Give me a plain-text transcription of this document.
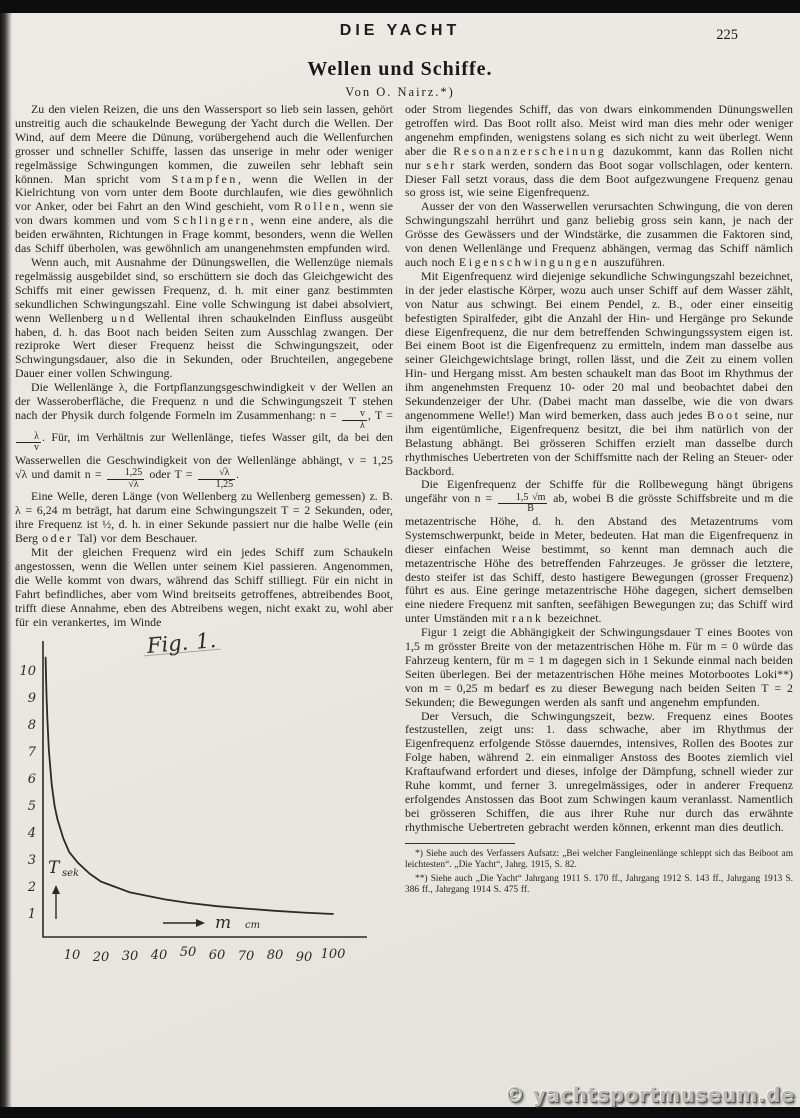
DIE YACHT	225
Wellen und Schiffe.
Von O. Nairz.*)

Zu den vielen Reizen, die uns den Wassersport so lieb sein lassen, gehört unstreitig auch die schaukelnde Bewegung der Yacht durch die Wellen. Der Wind, auf dem Meere die Dünung, vorübergehend auch die Wellenfurchen grosser und schneller Schiffe, lassen das unserige in mehr oder weniger regelmässige Schwingungen kommen, die zuweilen sehr lebhaft sein können. Man spricht vom Stampfen, wenn die Wellen in der Kielrichtung von vorn unter dem Boote durchlaufen, wie dies gewöhnlich vor Anker, oder bei Fahrt an den Wind geschieht, vom Rollen, wenn sie von dwars kommen und vom Schlingern, wenn eine andere, als die beiden erwähnten, Richtungen in Frage kommt, besonders, wenn die Wellen das Schiff überholen, was gewöhnlich am unangenehmsten empfunden wird.

Wenn auch, mit Ausnahme der Dünungswellen, die Wellenzüge niemals regelmässig ausgebildet sind, so erschüttern sie doch das Gleichgewicht des Schiffs mit einer gewissen Frequenz, d. h. mit einer ganz bestimmten sekundlichen Schwingungszahl. Eine volle Schwingung ist dabei absolviert, wenn Wellenberg und Wellental ihren schaukelnden Einfluss ausgeübt haben, d. h. das Boot nach beiden Seiten zum Ausschlag zwangen. Der reziproke Wert dieser Frequenz heisst die Schwingungszeit, oder Schwingungsdauer, also die in Sekunden, oder Bruchteilen, angegebene Dauer einer vollen Schwingung.

Die Wellenlänge λ, die Fortpflanzungsgeschwindigkeit v der Wellen an der Wasseroberfläche, die Frequenz n und die Schwingungszeit T stehen nach der Physik durch folgende Formeln im Zusammenhang: $n = \frac{v}{\lambda}$ , T =
$\frac{\lambda}{v}$ . Für, im Verhältnis zur Wellenlänge, tiefes Wasser gilt, da bei den Wasserwellen die Geschwindigkeit von der Wellenlänge abhängt, v = 1,25 √λ und damit $n = \frac{1,25}{√\lambda}$ oder $T = \frac{√\lambda}{1,25}$ .

Eine Welle, deren Länge (von Wellenberg zu Wellenberg gemessen) z. B. λ = 6,24 m beträgt, hat darum eine Schwingungszeit T = 2 Sekunden, oder, ihre Frequenz ist ½, d. h. in einer Sekunde passiert nur die halbe Welle (ein Berg oder Tal) vor dem Beschauer.

Mit der gleichen Frequenz wird ein jedes Schiff zum Schaukeln angestossen, wenn die Wellen unter seinem Kiel passieren. Angenommen, die Welle kommt von dwars, während das Schiff stilliegt. Für ein nicht in Fahrt befindliches, aber vom Wind breitseits getroffenes, abtreibendes Boot, trifft diese Annahme, eben des Abtreibens wegen, nicht exakt zu, wohl aber für ein verankertes, im Winde

Fig. 1.
10 20 30 40 50 60 70 80 90 100
1
2
3
4
5
6
7
8
9
10
T sek
m cm

oder Strom liegendes Schiff, das von dwars einkommenden Dünungswellen getroffen wird. Das Boot rollt also. Meist wird man dies mehr oder weniger angenehm empfinden, wenigstens solang es sich nicht zu weit überlegt. Wenn aber die Resonanzerscheinung dazukommt, kann das Rollen nicht nur sehr stark werden, sondern das Boot sogar vollschlagen, oder kentern. Dieser Fall setzt voraus, dass die dem Boot aufgezwungene Frequenz genau so gross ist, wie seine Eigenfrequenz.

Ausser der von den Wasserwellen verursachten Schwingung, die von deren Schwingungszahl herrührt und ganz beliebig gross sein kann, je nach der Grösse des Gewässers und der Windstärke, die zusammen die Faktoren sind, von denen Wellenlänge und Frequenz abhängen, vermag das Schiff nämlich auch noch Eigenschwingungen auszuführen.

Mit Eigenfrequenz wird diejenige sekundliche Schwingungszahl bezeichnet, in der jeder elastische Körper, wozu auch unser Schiff auf dem Wasser zählt, von Natur aus schwingt. Bei einem Pendel, z. B., oder einer einseitig befestigten Spiralfeder, gibt die Anzahl der Hin- und Hergänge pro Sekunde diese Eigenfrequenz, die nur dem betreffenden Schwingungssystem eigen ist. Bei einem Boot ist die Eigenfrequenz zu ermitteln, indem man dasselbe aus seiner Gleichgewichtslage bringt, rollen lässt, und die Zeit zu einem vollen Hin- und Hergang misst. Am besten schaukelt man das Boot im Rhythmus der ihm angenehmsten Frequenz 10- oder 20 mal und beobachtet dabei den Sekundenzeiger der Uhr. (Dabei macht man dasselbe, wie die von dwars angenommene Welle!) Man wird bemerken, dass auch jedes Boot seine, nur ihm eigentümliche, Eigenfrequenz besitzt, die bei ihm natürlich von der Belastung abhängt. Bei grösseren Schiffen erzielt man dasselbe durch rhythmisches Uebertreten von der Schiffsmitte nach der Reling an Steuer- oder Backbord.

Die Eigenfrequenz der Schiffe für die Rollbewegung hängt übrigens ungefähr von $n = \frac{1,5 √m}{B}$ ab, wobei B die grösste Schiffsbreite und m die metazentrische Höhe, d. h. den Abstand des Metazentrums vom Systemschwerpunkt, beide in Meter, bedeuten. Hat man die Eigenfrequenz in dieser einfachen Weise bestimmt, so kennt man demnach auch die metazentrische Höhe des betreffenden Fahrzeuges. Je grösser die letztere, desto steifer ist das Schiff, desto hastigere Bewegungen (grosser Frequenz) führt es aus. Eine geringe metazentrische Höhe dagegen, sichert demselben eine niedere Frequenz mit sanften, seefähigen Bewegungen zu; das Schiff wird unter Umständen mit rank bezeichnet.

Figur 1 zeigt die Abhängigkeit der Schwingungsdauer T eines Bootes von 1,5 m grösster Breite von der metazentrischen Höhe m. Für m = 0 würde das Fahrzeug kentern, für m = 1 m dagegen sich in 1 Sekunde einmal nach beiden Seiten überlegen. Bei der metazentrischen Höhe meines Motorbootes Loki**) von m = 0,25 m bedarf es zu dieser Bewegung nach beiden Seiten T = 2 Sekunden; die Bewegungen werden als sanft und angenehm empfunden.

Der Versuch, die Schwingungszeit, bezw. Frequenz eines Bootes festzustellen, zeigt uns: 1. dass schwache, aber im Rhythmus der Eigenfrequenz erfolgende Stösse dauerndes, intensives, Rollen des Bootes zur Folge haben, während 2. ein einmaliger Anstoss des Bootes ziemlich viel Kraftaufwand erfordert und dieses, infolge der Dämpfung, schnell wieder zur Ruhe kommt, und ferner 3. unregelmässiges, oder in anderer Frequenz erfolgendes Anstossen das Boot zum Schwingen kaum veranlasst. Namentlich bei grösseren Schiffen, die aus ihrer Ruhe nur durch das erwähnte rhythmische Uebertreten gebracht werden können, erkennt man dies deutlich.

*) Siehe auch des Verfassers Aufsatz: „Bei welcher Fangleinenlänge schleppt sich das Beiboot am leichtesten“. „Die Yacht“, Jahrg. 1915, S. 82.

**) Siehe auch „Die Yacht“ Jahrgang 1911 S. 170 ff., Jahrgang 1912 S. 143 ff., Jahrgang 1913 S. 386 ff., Jahrgang 1914 S. 475 ff.

© yachtsportmuseum.de
